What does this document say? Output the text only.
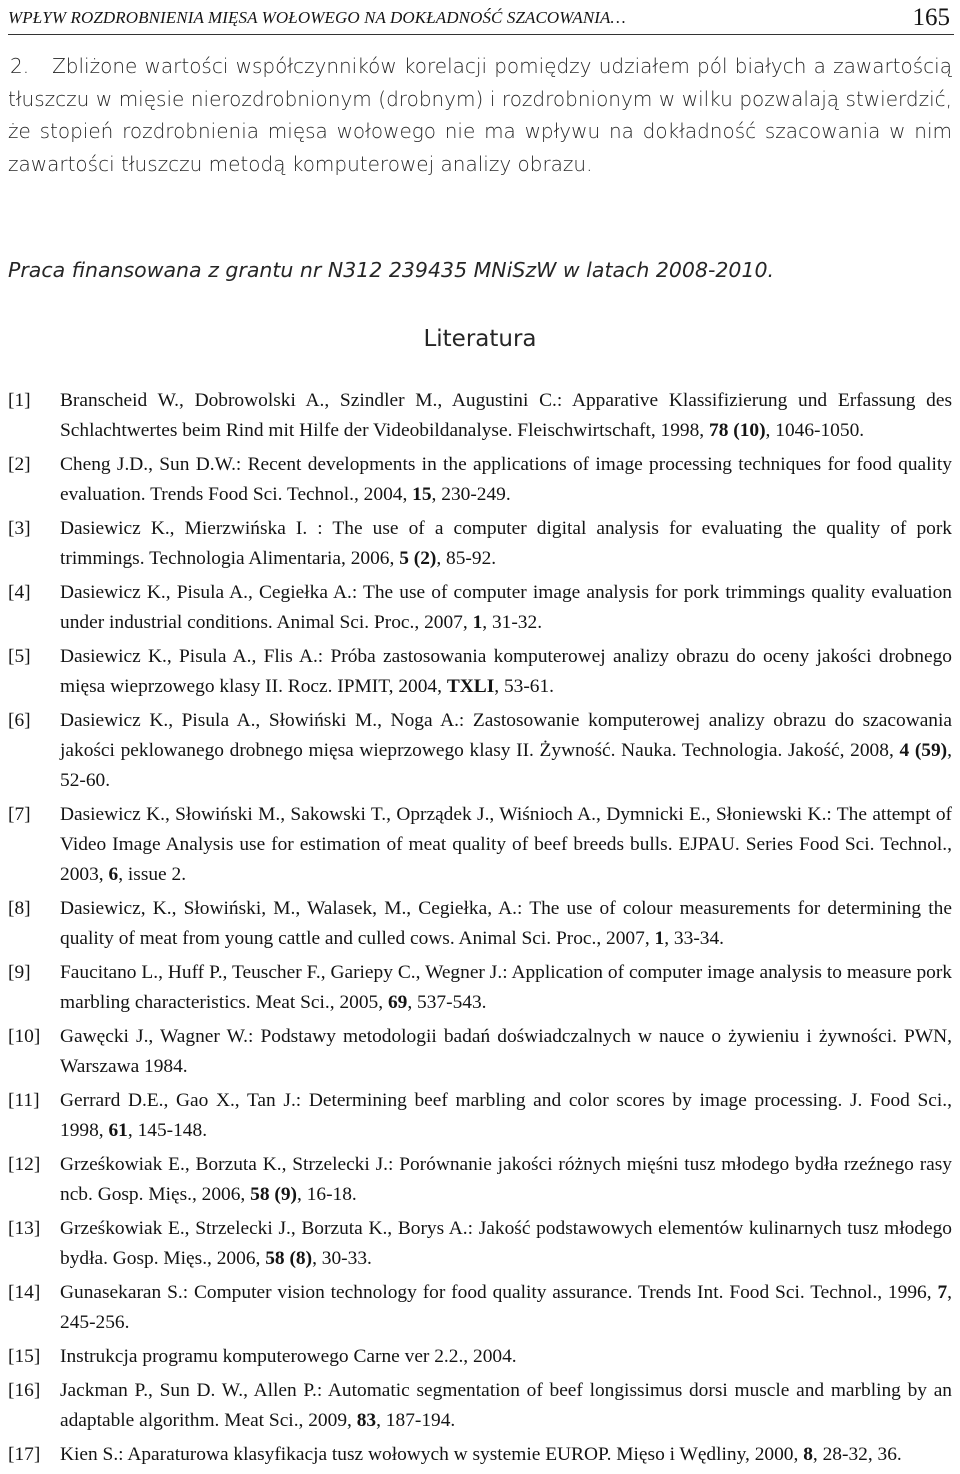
WPŁYW ROZDROBNIENIA MIĘSA WOŁOWEGO NA DOKŁADNOŚĆ SZACOWANIA…	165

2. Zbliżone wartości współczynników korelacji pomiędzy udziałem pól białych a zawartością tłuszczu w mięsie nierozdrobnionym (drobnym) i rozdrobnionym w wilku pozwalają stwierdzić, że stopień rozdrobnienia mięsa wołowego nie ma wpływu na dokładność szacowania w nim zawartości tłuszczu metodą komputerowej analizy obrazu.

Praca finansowana z grantu nr N312 239435 MNiSzW w latach 2008-2010.
Literatura
[1]	Branscheid W., Dobrowolski A., Szindler M., Augustini C.: Apparative Klassifizierung und Erfassung des Schlachtwertes beim Rind mit Hilfe der Videobildanalyse. Fleischwirtschaft, 1998, 78 (10), 1046-1050.
[2]	Cheng J.D., Sun D.W.: Recent developments in the applications of image processing techniques for food quality evaluation. Trends Food Sci. Technol., 2004, 15, 230-249.
[3]	Dasiewicz K., Mierzwińska I. : The use of a computer digital analysis for evaluating the quality of pork trimmings. Technologia Alimentaria, 2006, 5 (2), 85-92.
[4]	Dasiewicz K., Pisula A., Cegiełka A.: The use of computer image analysis for pork trimmings quality evaluation under industrial conditions. Animal Sci. Proc., 2007, 1, 31-32.
[5]	Dasiewicz K., Pisula A., Flis A.: Próba zastosowania komputerowej analizy obrazu do oceny jakości drobnego mięsa wieprzowego klasy II. Rocz. IPMIT, 2004, TXLI, 53-61.
[6]	Dasiewicz K., Pisula A., Słowiński M., Noga A.: Zastosowanie komputerowej analizy obrazu do szacowania jakości peklowanego drobnego mięsa wieprzowego klasy II. Żywność. Nauka. Technologia. Jakość, 2008, 4 (59), 52-60.
[7]	Dasiewicz K., Słowiński M., Sakowski T., Oprządek J., Wiśnioch A., Dymnicki E., Słoniewski K.: The attempt of Video Image Analysis use for estimation of meat quality of beef breeds bulls. EJPAU. Series Food Sci. Technol., 2003, 6, issue 2.
[8]	Dasiewicz, K., Słowiński, M., Walasek, M., Cegiełka, A.: The use of colour measurements for determining the quality of meat from young cattle and culled cows. Animal Sci. Proc., 2007, 1, 33-34.
[9]	Faucitano L., Huff P., Teuscher F., Gariepy C., Wegner J.: Application of computer image analysis to measure pork marbling characteristics. Meat Sci., 2005, 69, 537-543.
[10]	Gawęcki J., Wagner W.: Podstawy metodologii badań doświadczalnych w nauce o żywieniu i żywności. PWN, Warszawa 1984.
[11]	Gerrard D.E., Gao X., Tan J.: Determining beef marbling and color scores by image processing. J. Food Sci., 1998, 61, 145-148.
[12]	Grześkowiak E., Borzuta K., Strzelecki J.: Porównanie jakości różnych mięśni tusz młodego bydła rzeźnego rasy ncb. Gosp. Mięs., 2006, 58 (9), 16-18.
[13]	Grześkowiak E., Strzelecki J., Borzuta K., Borys A.: Jakość podstawowych elementów kulinarnych tusz młodego bydła. Gosp. Mięs., 2006, 58 (8), 30-33.
[14]	Gunasekaran S.: Computer vision technology for food quality assurance. Trends Int. Food Sci. Technol., 1996, 7, 245-256.
[15]	Instrukcja programu komputerowego Carne ver 2.2., 2004.
[16]	Jackman P., Sun D. W., Allen P.: Automatic segmentation of beef longissimus dorsi muscle and marbling by an adaptable algorithm. Meat Sci., 2009, 83, 187-194.
[17]	Kien S.: Aparaturowa klasyfikacja tusz wołowych w systemie EUROP. Mięso i Wędliny, 2000, 8, 28-32, 36.
